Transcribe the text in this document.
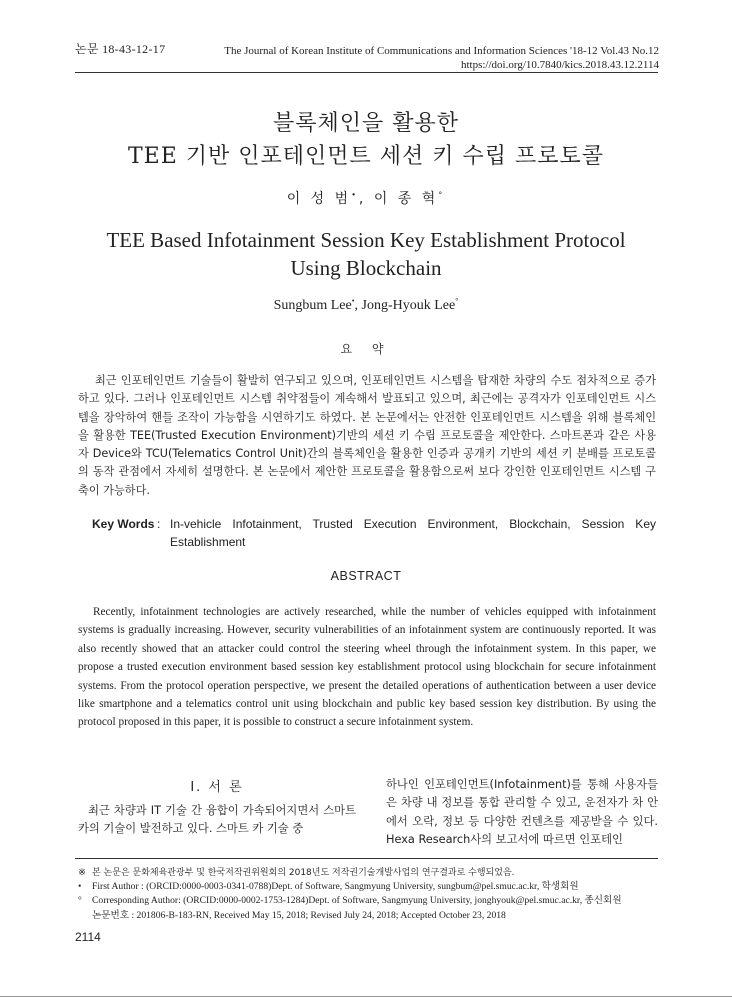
논문 18-43-12-17	The Journal of Korean Institute of Communications and Information Sciences '18-12 Vol.43 No.12
https://doi.org/10.7840/kics.2018.43.12.2114
블록체인을 활용한
TEE 기반 인포테인먼트 세션 키 수립 프로토콜
이 성 범•, 이 종 혁°
TEE Based Infotainment Session Key Establishment Protocol
Using Blockchain
Sungbum Lee•, Jong-Hyouk Lee°
요 약
최근 인포테인먼트 기술들이 활발히 연구되고 있으며, 인포테인먼트 시스템을 탑재한 차량의 수도 점차적으로 증가하고 있다. 그러나 인포테인먼트 시스템 취약점들이 계속해서 발표되고 있으며, 최근에는 공격자가 인포테인먼트 시스템을 장악하여 핸들 조작이 가능함을 시연하기도 하였다. 본 논문에서는 안전한 인포테인먼트 시스템을 위해 블록체인을 활용한 TEE(Trusted Execution Environment)기반의 세션 키 수립 프로토콜을 제안한다. 스마트폰과 같은 사용자 Device와 TCU(Telematics Control Unit)간의 블록체인을 활용한 인증과 공개키 기반의 세션 키 분배를 프로토콜의 동작 관점에서 자세히 설명한다. 본 논문에서 제안한 프로토콜을 활용함으로써 보다 강인한 인포테인먼트 시스템 구축이 가능하다.
Key Words : In-vehicle Infotainment, Trusted Execution Environment, Blockchain, Session Key Establishment
ABSTRACT
Recently, infotainment technologies are actively researched, while the number of vehicles equipped with infotainment systems is gradually increasing. However, security vulnerabilities of an infotainment system are continuously reported. It was also recently showed that an attacker could control the steering wheel through the infotainment system. In this paper, we propose a trusted execution environment based session key establishment protocol using blockchain for secure infotainment systems. From the protocol operation perspective, we present the detailed operations of authentication between a user device like smartphone and a telematics control unit using blockchain and public key based session key distribution. By using the protocol proposed in this paper, it is possible to construct a secure infotainment system.
Ⅰ. 서 론
최근 차량과 IT 기술 간 융합이 가속되어지면서 스마트 카의 기술이 발전하고 있다. 스마트 카 기술 중
하나인 인포테인먼트(Infotainment)를 통해 사용자들은 차량 내 정보를 통합 관리할 수 있고, 운전자가 차 안에서 오락, 정보 등 다양한 컨텐츠를 제공받을 수 있다. Hexa Research사의 보고서에 따르면 인포테인
※ 본 논문은 문화체육관광부 및 한국저작권위원회의 2018년도 저작권기술개발사업의 연구결과로 수행되었음.
• First Author : (ORCID:0000-0003-0341-0788)Dept. of Software, Sangmyung University, sungbum@pel.smuc.ac.kr, 학생회원
° Corresponding Author: (ORCID:0000-0002-1753-1284)Dept. of Software, Sangmyung University, jonghyouk@pel.smuc.ac.kr, 종신회원
논문번호 : 201806-B-183-RN, Received May 15, 2018; Revised July 24, 2018; Accepted October 23, 2018
2114
